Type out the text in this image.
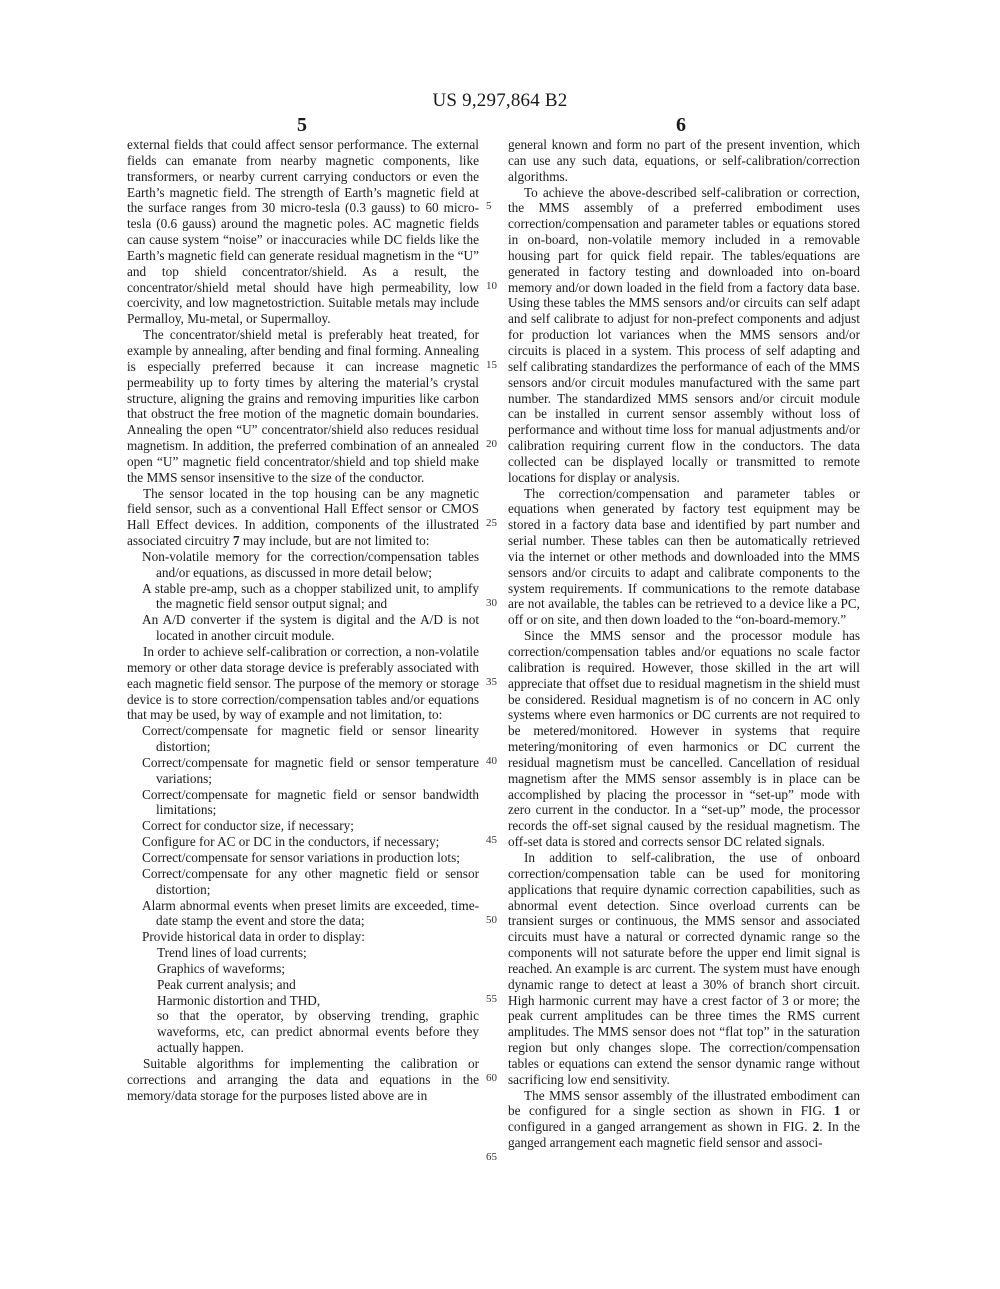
US 9,297,864 B2
5	6

external fields that could affect sensor performance. The external fields can emanate from nearby magnetic components, like transformers, or nearby current carrying conductors or even the Earth’s magnetic field. The strength of Earth’s magnetic field at the surface ranges from 30 micro-tesla (0.3 gauss) to 60 micro-tesla (0.6 gauss) around the magnetic poles. AC magnetic fields can cause system “noise” or inaccuracies while DC fields like the Earth’s magnetic field can generate residual magnetism in the “U” and top shield concentrator/shield. As a result, the concentrator/shield metal should have high permeability, low coercivity, and low magnetostriction. Suitable metals may include Permalloy, Mu-metal, or Supermalloy.

The concentrator/shield metal is preferably heat treated, for example by annealing, after bending and final forming. Annealing is especially preferred because it can increase magnetic permeability up to forty times by altering the material’s crystal structure, aligning the grains and removing impurities like carbon that obstruct the free motion of the magnetic domain boundaries. Annealing the open “U” concentrator/shield also reduces residual magnetism. In addition, the preferred combination of an annealed open “U” magnetic field concentrator/shield and top shield make the MMS sensor insensitive to the size of the conductor.

The sensor located in the top housing can be any magnetic field sensor, such as a conventional Hall Effect sensor or CMOS Hall Effect devices. In addition, components of the illustrated associated circuitry 7 may include, but are not limited to:

Non-volatile memory for the correction/compensation tables and/or equations, as discussed in more detail below;
A stable pre-amp, such as a chopper stabilized unit, to amplify the magnetic field sensor output signal; and
An A/D converter if the system is digital and the A/D is not located in another circuit module.

In order to achieve self-calibration or correction, a non-volatile memory or other data storage device is preferably associated with each magnetic field sensor. The purpose of the memory or storage device is to store correction/compensation tables and/or equations that may be used, by way of example and not limitation, to:

Correct/compensate for magnetic field or sensor linearity distortion;
Correct/compensate for magnetic field or sensor temperature variations;
Correct/compensate for magnetic field or sensor bandwidth limitations;
Correct for conductor size, if necessary;
Configure for AC or DC in the conductors, if necessary;
Correct/compensate for sensor variations in production lots;
Correct/compensate for any other magnetic field or sensor distortion;
Alarm abnormal events when preset limits are exceeded, time-date stamp the event and store the data;
Provide historical data in order to display:
Trend lines of load currents;
Graphics of waveforms;
Peak current analysis; and
Harmonic distortion and THD,
so that the operator, by observing trending, graphic waveforms, etc, can predict abnormal events before they actually happen.

Suitable algorithms for implementing the calibration or corrections and arranging the data and equations in the memory/data storage for the purposes listed above are in

5
10
15
20
25
30
35
40
45
50
55
60
65

general known and form no part of the present invention, which can use any such data, equations, or self-calibration/correction algorithms.

To achieve the above-described self-calibration or correction, the MMS assembly of a preferred embodiment uses correction/compensation and parameter tables or equations stored in on-board, non-volatile memory included in a removable housing part for quick field repair. The tables/equations are generated in factory testing and downloaded into on-board memory and/or down loaded in the field from a factory data base. Using these tables the MMS sensors and/or circuits can self adapt and self calibrate to adjust for non-prefect components and adjust for production lot variances when the MMS sensors and/or circuits is placed in a system. This process of self adapting and self calibrating standardizes the performance of each of the MMS sensors and/or circuit modules manufactured with the same part number. The standardized MMS sensors and/or circuit module can be installed in current sensor assembly without loss of performance and without time loss for manual adjustments and/or calibration requiring current flow in the conductors. The data collected can be displayed locally or transmitted to remote locations for display or analysis.

The correction/compensation and parameter tables or equations when generated by factory test equipment may be stored in a factory data base and identified by part number and serial number. These tables can then be automatically retrieved via the internet or other methods and downloaded into the MMS sensors and/or circuits to adapt and calibrate components to the system requirements. If communications to the remote database are not available, the tables can be retrieved to a device like a PC, off or on site, and then down loaded to the “on-board-memory.”

Since the MMS sensor and the processor module has correction/compensation tables and/or equations no scale factor calibration is required. However, those skilled in the art will appreciate that offset due to residual magnetism in the shield must be considered. Residual magnetism is of no concern in AC only systems where even harmonics or DC currents are not required to be metered/monitored. However in systems that require metering/monitoring of even harmonics or DC current the residual magnetism must be cancelled. Cancellation of residual magnetism after the MMS sensor assembly is in place can be accomplished by placing the processor in “set-up” mode with zero current in the conductor. In a “set-up” mode, the processor records the off-set signal caused by the residual magnetism. The off-set data is stored and corrects sensor DC related signals.

In addition to self-calibration, the use of onboard correction/compensation table can be used for monitoring applications that require dynamic correction capabilities, such as abnormal event detection. Since overload currents can be transient surges or continuous, the MMS sensor and associated circuits must have a natural or corrected dynamic range so the components will not saturate before the upper end limit signal is reached. An example is arc current. The system must have enough dynamic range to detect at least a 30% of branch short circuit. High harmonic current may have a crest factor of 3 or more; the peak current amplitudes can be three times the RMS current amplitudes. The MMS sensor does not “flat top” in the saturation region but only changes slope. The correction/compensation tables or equations can extend the sensor dynamic range without sacrificing low end sensitivity.

The MMS sensor assembly of the illustrated embodiment can be configured for a single section as shown in FIG. 1 or configured in a ganged arrangement as shown in FIG. 2. In the ganged arrangement each magnetic field sensor and associ-
